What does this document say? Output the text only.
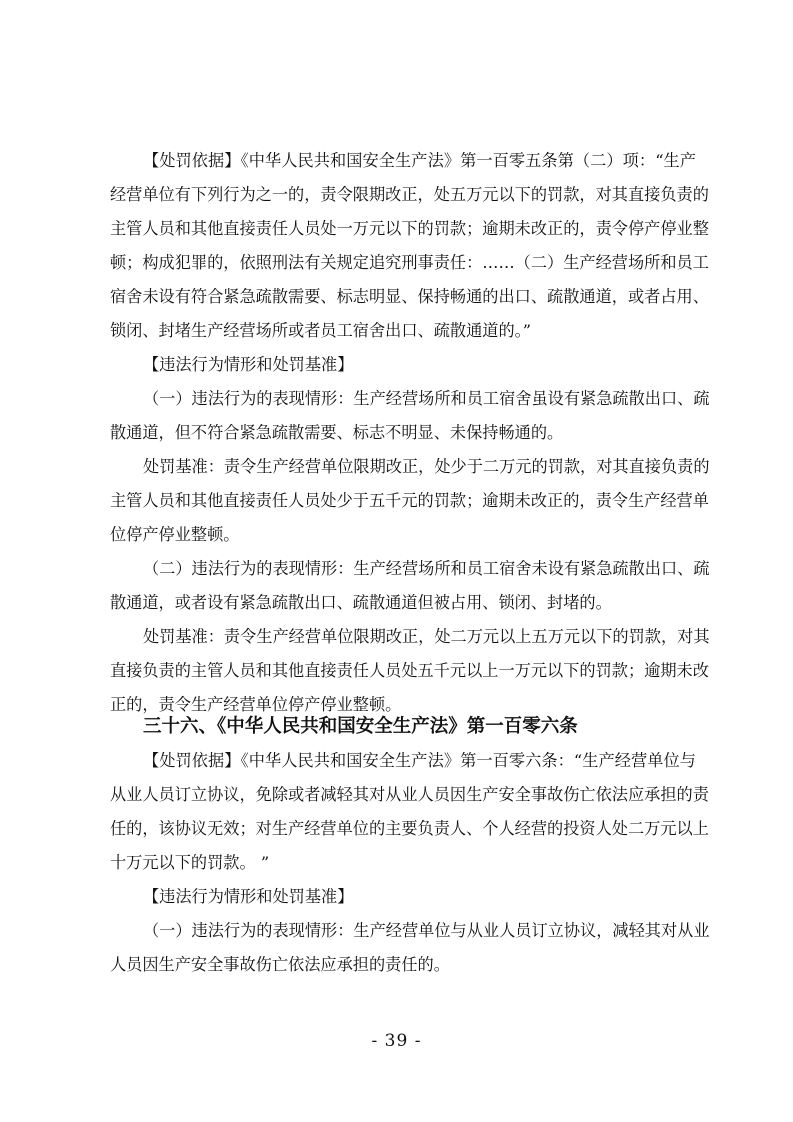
【处罚依据】《中华人民共和国安全生产法》第一百零五条第（二）项：“生产
经营单位有下列行为之一的，责令限期改正，处五万元以下的罚款，对其直接负责的
主管人员和其他直接责任人员处一万元以下的罚款；逾期未改正的，责令停产停业整
顿；构成犯罪的，依照刑法有关规定追究刑事责任：……（二）生产经营场所和员工
宿舍未设有符合紧急疏散需要、标志明显、保持畅通的出口、疏散通道，或者占用、
锁闭、封堵生产经营场所或者员工宿舍出口、疏散通道的。”
【违法行为情形和处罚基准】
（一）违法行为的表现情形：生产经营场所和员工宿舍虽设有紧急疏散出口、疏
散通道，但不符合紧急疏散需要、标志不明显、未保持畅通的。
处罚基准：责令生产经营单位限期改正，处少于二万元的罚款，对其直接负责的
主管人员和其他直接责任人员处少于五千元的罚款；逾期未改正的，责令生产经营单
位停产停业整顿。
（二）违法行为的表现情形：生产经营场所和员工宿舍未设有紧急疏散出口、疏
散通道，或者设有紧急疏散出口、疏散通道但被占用、锁闭、封堵的。
处罚基准：责令生产经营单位限期改正，处二万元以上五万元以下的罚款，对其
直接负责的主管人员和其他直接责任人员处五千元以上一万元以下的罚款；逾期未改
正的，责令生产经营单位停产停业整顿。
三十六、《中华人民共和国安全生产法》第一百零六条
【处罚依据】《中华人民共和国安全生产法》第一百零六条：“生产经营单位与
从业人员订立协议，免除或者减轻其对从业人员因生产安全事故伤亡依法应承担的责
任的，该协议无效；对生产经营单位的主要负责人、个人经营的投资人处二万元以上
十万元以下的罚款。 ”
【违法行为情形和处罚基准】
（一）违法行为的表现情形：生产经营单位与从业人员订立协议，减轻其对从业
人员因生产安全事故伤亡依法应承担的责任的。
- 39 -
